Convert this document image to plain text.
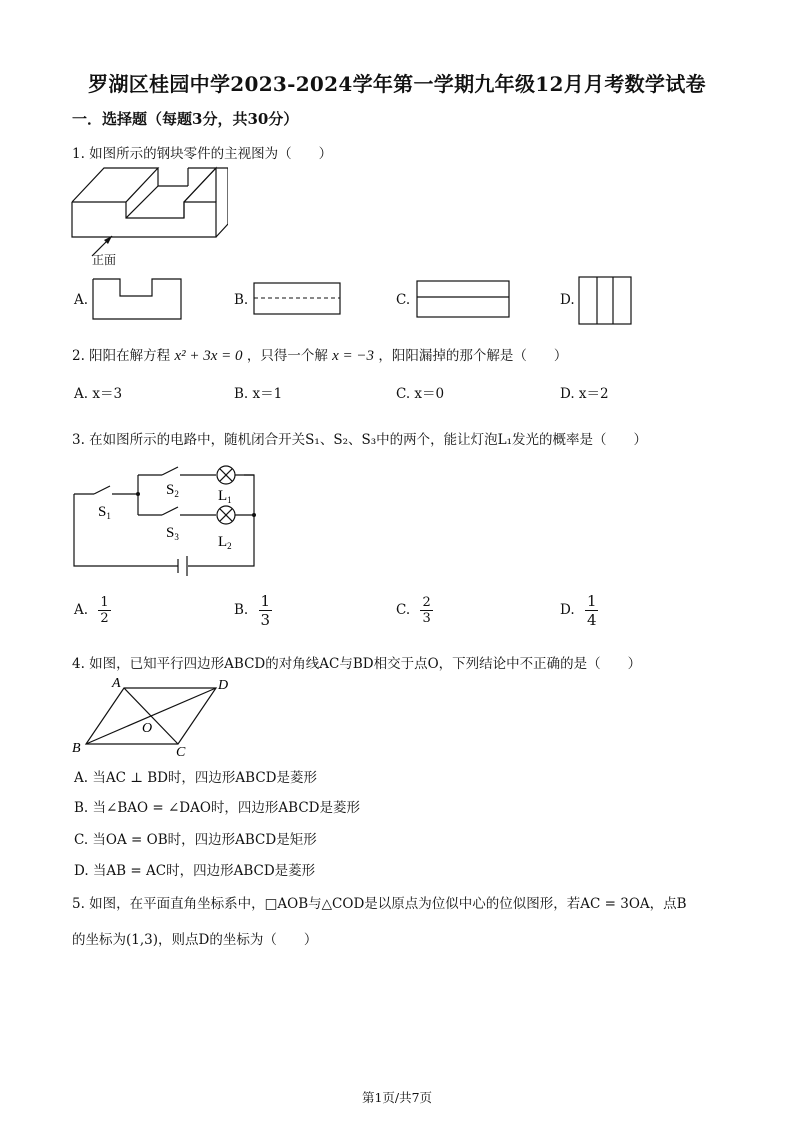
罗湖区桂园中学2023-2024学年第一学期九年级12月月考数学试卷
一．选择题（每题3分，共30分）
1. 如图所示的钢块零件的主视图为（　　）
正面
A.	B.	C.	D.
2. 阳阳在解方程 x² + 3x = 0 ，只得一个解 x = −3 ，阳阳漏掉的那个解是（　　）
A. x＝3	B. x＝1	C. x＝0	D. x＝2
3. 在如图所示的电路中，随机闭合开关S₁、S₂、S₃中的两个，能让灯泡L₁发光的概率是（　　）
$S_1$
$S_2$
$S_3$
$L_1$
$L_2$
A. $\frac{1}{2}$	B. $\frac{1}{3}$	C. $\frac{2}{3}$	D. $\frac{1}{4}$
4. 如图，已知平行四边形ABCD的对角线AC与BD相交于点O，下列结论中不正确的是（　　）
A	D
O
B	C
A. 当AC ⊥ BD时，四边形ABCD是菱形
B. 当∠BAO = ∠DAO时，四边形ABCD是菱形
C. 当OA = OB时，四边形ABCD是矩形
D. 当AB = AC时，四边形ABCD是菱形
5. 如图，在平面直角坐标系中，□AOB与△COD是以原点为位似中心的位似图形，若AC = 3OA，点B
的坐标为(1,3)，则点D的坐标为（　　）
第1页/共7页
